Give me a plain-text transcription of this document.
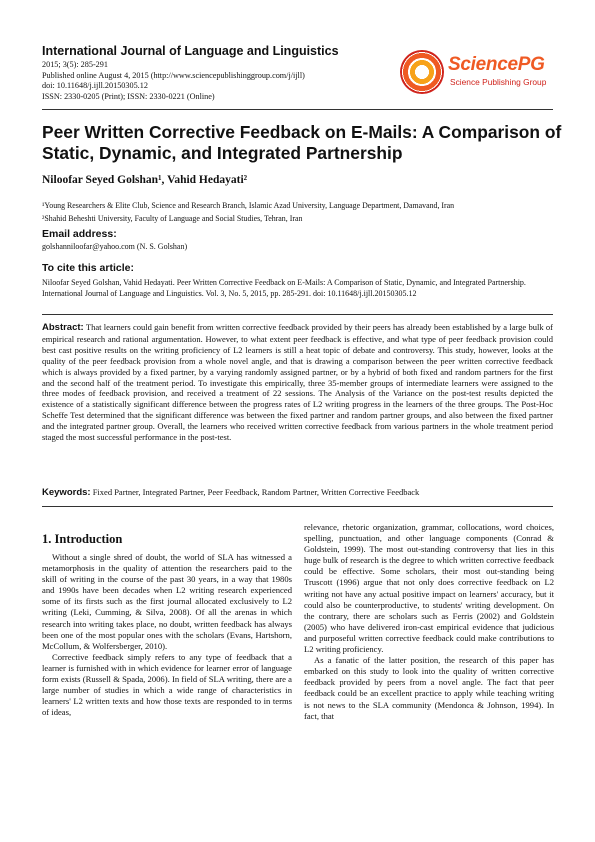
International Journal of Language and Linguistics
2015; 3(5): 285-291
Published online August 4, 2015 (http://www.sciencepublishinggroup.com/j/ijll)
doi: 10.11648/j.ijll.20150305.12
ISSN: 2330-0205 (Print); ISSN: 2330-0221 (Online)
SciencePG
Science Publishing Group
Peer Written Corrective Feedback on E-Mails: A Comparison of Static, Dynamic, and Integrated Partnership
Niloofar Seyed Golshan¹, Vahid Hedayati²
¹Young Researchers & Elite Club, Science and Research Branch, Islamic Azad University, Language Department, Damavand, Iran
²Shahid Beheshti University, Faculty of Language and Social Studies, Tehran, Iran
Email address:
golshanniloofar@yahoo.com (N. S. Golshan)
To cite this article:
Niloofar Seyed Golshan, Vahid Hedayati. Peer Written Corrective Feedback on E-Mails: A Comparison of Static, Dynamic, and Integrated Partnership. International Journal of Language and Linguistics. Vol. 3, No. 5, 2015, pp. 285-291. doi: 10.11648/j.ijll.20150305.12
Abstract: That learners could gain benefit from written corrective feedback provided by their peers has already been established by a large bulk of empirical research and rational argumentation. However, to what extent peer feedback is effective, and what type of peer feedback provision could best cast positive results on the writing proficiency of L2 learners is still a heat topic of debate and controversy. This study, however, looks at the quality of the peer feedback provision from a whole novel angle, and that is drawing a comparison between the peer written corrective feedback which is always provided by a fixed partner, by a varying randomly assigned partner, or by a hybrid of both fixed and random partners for the first and the second half of the treatment period. To investigate this empirically, three 35-member groups of intermediate learners were assigned to the three modes of feedback provision, and received a treatment of 22 sessions. The Analysis of the Variance on the post-test results depicted the existence of a statistically significant difference between the progress rates of L2 writing progress in the learners of the three groups. The Post-Hoc Scheffe Test determined that the significant difference was between the fixed partner and random partner groups, and also between the fixed partner and the integrated partner group. Overall, the learners who received written corrective feedback from various partners in the whole treatment period staged the most successful performance in the post-test.
Keywords: Fixed Partner, Integrated Partner, Peer Feedback, Random Partner, Written Corrective Feedback
1. Introduction

Without a single shred of doubt, the world of SLA has witnessed a metamorphosis in the quality of attention the researchers paid to the skill of writing in the course of the past 30 years, in a way that 1980s and 1990s have been decades when L2 writing research experienced some of its firsts such as the first journal allocated exclusively to L2 writing (Leki, Cumming, & Silva, 2008). Of all the arenas in which research into writing takes place, no doubt, written feedback has always been one of the most popular ones with the scholars (Evans, Hartshorn, McCollum, & Wolfersberger, 2010).

Corrective feedback simply refers to any type of feedback that a learner is furnished with in which evidence for learner error of language form exists (Russell & Spada, 2006). In field of SLA writing, there are a large number of studies in which a wide range of characteristics in learners' L2 written texts and how those texts are responded to in terms of ideas,

relevance, rhetoric organization, grammar, collocations, word choices, spelling, punctuation, and other language components (Conrad & Goldstein, 1999). The most out-standing controversy that lies in this huge bulk of research is the degree to which written corrective feedback could be effective. Some scholars, their most out-standing being Truscott (1996) argue that not only does corrective feedback on L2 writing not have any actual positive impact on learners' accuracy, but it could also be counterproductive, to students' writing development. On the contrary, there are scholars such as Ferris (2002) and Goldstein (2005) who have delivered iron-cast empirical evidence that judicious and purposeful written corrective feedback could make contributions to L2 writing proficiency.

As a fanatic of the latter position, the research of this paper has embarked on this study to look into the quality of written corrective feedback provided by peers from a novel angle. The fact that peer feedback could be an excellent practice to apply while teaching writing is not news to the SLA community (Mendonca & Johnson, 1994). In fact, that
